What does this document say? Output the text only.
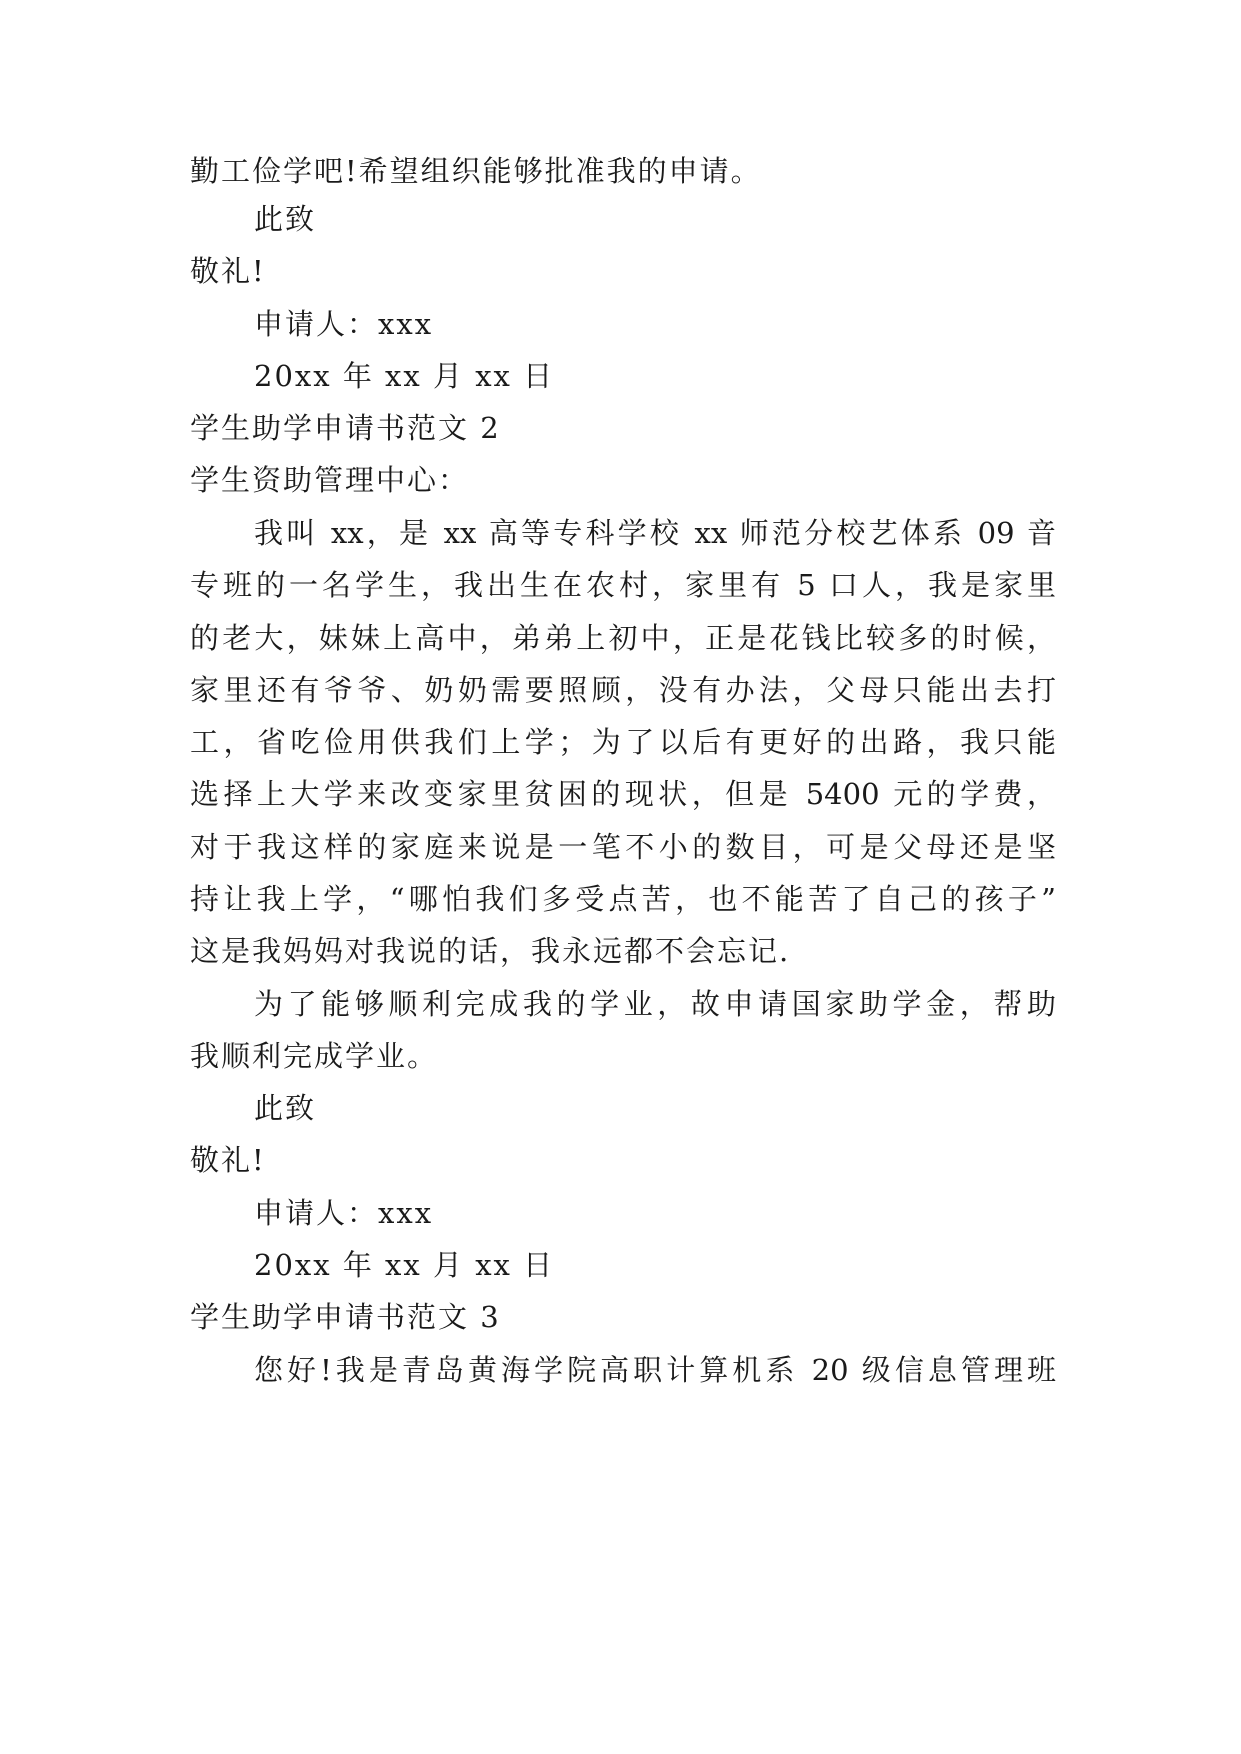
勤工俭学吧!希望组织能够批准我的申请。
此致
敬礼!
申请人：xxx
20xx 年 xx 月 xx 日
学生助学申请书范文 2
学生资助管理中心：
我叫 xx，是 xx 高等专科学校 xx 师范分校艺体系 09 音
专班的一名学生，我出生在农村，家里有 5 口人，我是家里
的老大，妹妹上高中，弟弟上初中，正是花钱比较多的时候，
家里还有爷爷、奶奶需要照顾，没有办法，父母只能出去打
工，省吃俭用供我们上学；为了以后有更好的出路，我只能
选择上大学来改变家里贫困的现状，但是 5400 元的学费，
对于我这样的家庭来说是一笔不小的数目，可是父母还是坚
持让我上学，“哪怕我们多受点苦，也不能苦了自己的孩子”
这是我妈妈对我说的话，我永远都不会忘记.
为了能够顺利完成我的学业，故申请国家助学金，帮助
我顺利完成学业。
此致
敬礼!
申请人：xxx
20xx 年 xx 月 xx 日
学生助学申请书范文 3
您好!我是青岛黄海学院高职计算机系 20 级信息管理班
